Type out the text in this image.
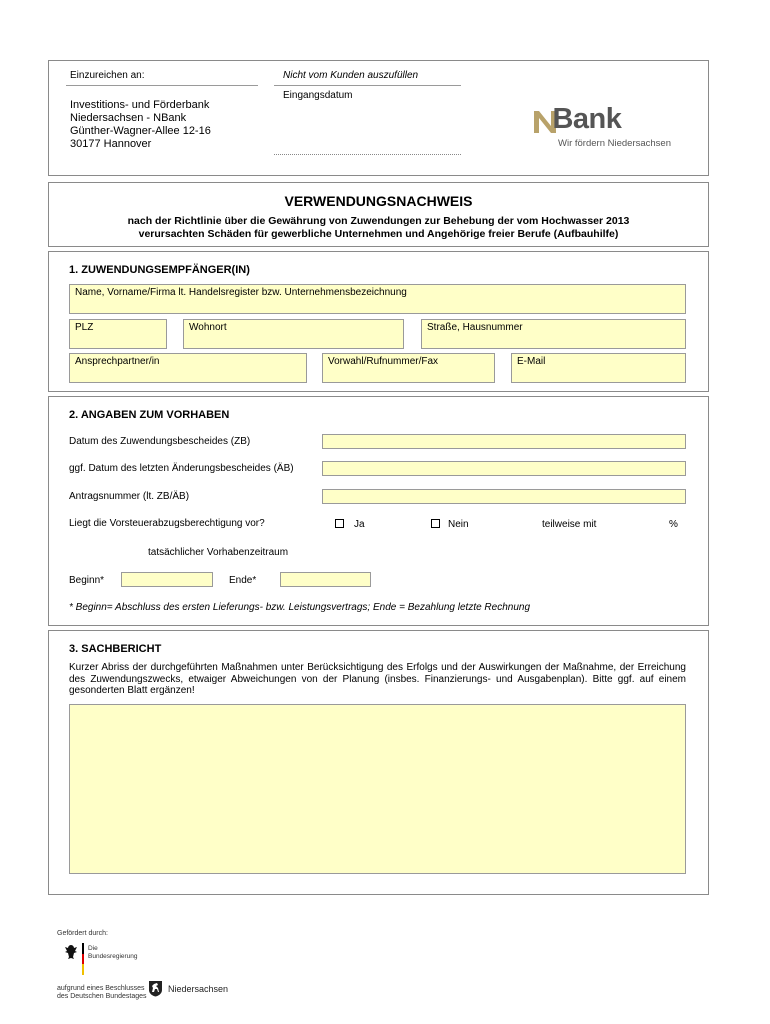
Einzureichen an:
Investitions- und Förderbank
Niedersachsen - NBank
Günther-Wagner-Allee 12-16
30177 Hannover
Nicht vom Kunden auszufüllen
Eingangsdatum
Bank
Wir fördern Niedersachsen
VERWENDUNGSNACHWEIS
nach der Richtlinie über die Gewährung von Zuwendungen zur Behebung der vom Hochwasser 2013
verursachten Schäden für gewerbliche Unternehmen und Angehörige freier Berufe (Aufbauhilfe)
1. ZUWENDUNGSEMPFÄNGER(IN)
Name, Vorname/Firma lt. Handelsregister bzw. Unternehmensbezeichnung
PLZ	Wohnort	Straße, Hausnummer
Ansprechpartner/in	Vorwahl/Rufnummer/Fax	E-Mail
2. ANGABEN ZUM VORHABEN
Datum des Zuwendungsbescheides (ZB)
ggf. Datum des letzten Änderungsbescheides (ÄB)
Antragsnummer (lt. ZB/ÄB)
Liegt die Vorsteuerabzugsberechtigung vor?	Ja	Nein	teilweise mit	%
tatsächlicher Vorhabenzeitraum
Beginn*	Ende*
* Beginn= Abschluss des ersten Lieferungs- bzw. Leistungsvertrags; Ende = Bezahlung letzte Rechnung
3. SACHBERICHT
Kurzer Abriss der durchgeführten Maßnahmen unter Berücksichtigung des Erfolgs und der Auswirkungen der Maßnahme, der Erreichung des Zuwendungszwecks, etwaiger Abweichungen von der Planung (insbes. Finanzierungs- und Ausgabenplan). Bitte ggf. auf einem gesonderten Blatt ergänzen!
Gefördert durch:
Die
Bundesregierung
aufgrund eines Beschlusses
des Deutschen Bundestages
Niedersachsen
